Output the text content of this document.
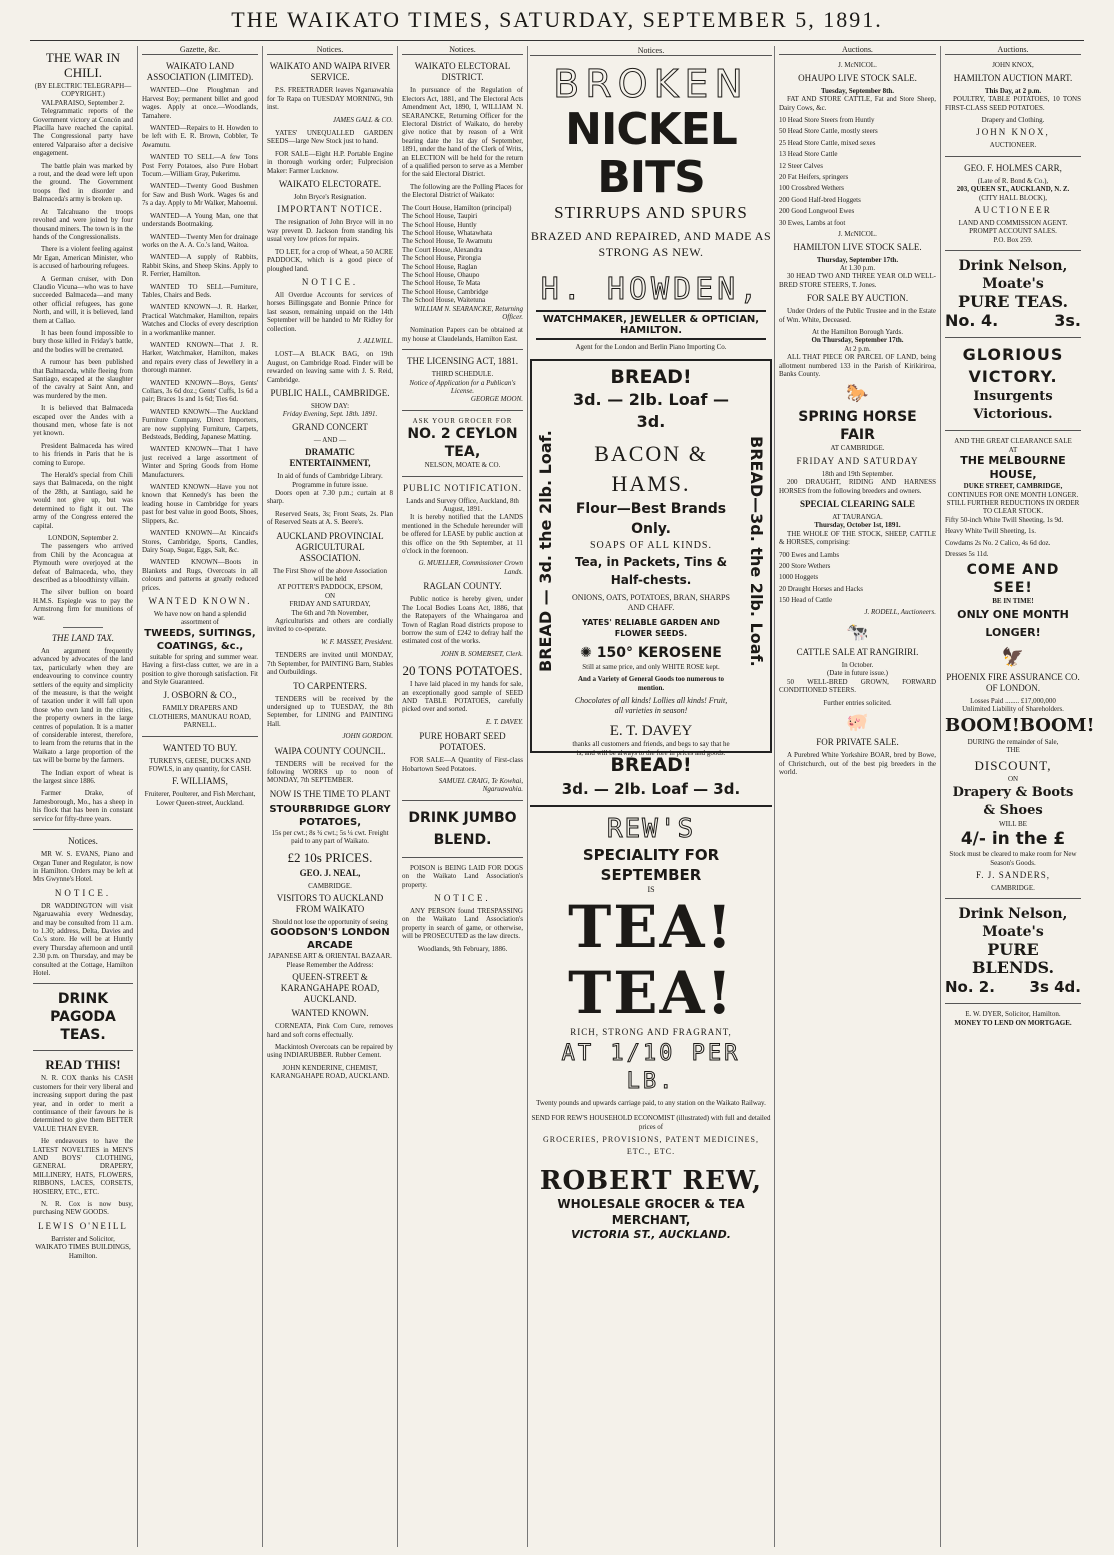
THE WAIKATO TIMES, SATURDAY, SEPTEMBER 5, 1891.
THE WAR IN CHILI.
(BY ELECTRIC TELEGRAPH—COPYRIGHT.)
VALPARAISO, September 2.

Telegrammatic reports of the Government victory at Concón and Placilla have reached the capital. The Congressional party have entered Valparaiso after a decisive engagement.

The battle plain was marked by a rout, and the dead were left upon the ground. The Government troops fled in disorder and Balmaceda's army is broken up.

At Talcahuano the troops revolted and were joined by four thousand miners. The town is in the hands of the Congressionalists.

There is a violent feeling against Mr Egan, American Minister, who is accused of harbouring refugees.

A German cruiser, with Don Claudio Vicuna—who was to have succeeded Balmaceda—and many other official refugees, has gone North, and will, it is believed, land them at Callao.

It has been found impossible to bury those killed in Friday's battle, and the bodies will be cremated.

A rumour has been published that Balmaceda, while fleeing from Santiago, escaped at the slaughter of the cavalry at Saint Ann, and was murdered by the men.

It is believed that Balmaceda escaped over the Andes with a thousand men, whose fate is not yet known.

President Balmaceda has wired to his friends in Paris that he is coming to Europe.

The Herald's special from Chili says that Balmaceda, on the night of the 28th, at Santiago, said he would not give up, but was determined to fight it out. The army of the Congress entered the capital.

LONDON, September 2.

The passengers who arrived from Chili by the Aconcagua at Plymouth were overjoyed at the defeat of Balmaceda, who, they described as a bloodthirsty villain.

The silver bullion on board H.M.S. Espiegle was to pay the Armstrong firm for munitions of war.

THE LAND TAX.

An argument frequently advanced by advocates of the land tax, particularly when they are endeavouring to convince country settlers of the equity and simplicity of the measure, is that the weight of taxation under it will fall upon those who own land in the cities, the property owners in the large centres of population. It is a matter of considerable interest, therefore, to learn from the returns that in the Waikato a large proportion of the tax will be borne by the farmers.

The Indian export of wheat is the largest since 1886.

Farmer Drake, of Jamesborough, Mo., has a sheep in his flock that has been in constant service for fifty-three years.

Notices.

MR W. S. EVANS, Piano and Organ Tuner and Regulator, is now in Hamilton. Orders may be left at Mrs Gwynne's Hotel.

NOTICE.

DR WADDINGTON will visit Ngaruawahia every Wednesday, and may be consulted from 11 a.m. to 1.30; address, Delta, Davies and Co.'s store. He will be at Huntly every Thursday afternoon and until 2.30 p.m. on Thursday, and may be consulted at the Cottage, Hamilton Hotel.

DRINK PAGODA TEAS.
READ THIS!

N. R. COX thanks his CASH customers for their very liberal and increasing support during the past year, and in order to merit a continuance of their favours he is determined to give them BETTER VALUE THAN EVER.

He endeavours to have the LATEST NOVELTIES in MEN'S AND BOYS' CLOTHING, GENERAL DRAPERY, MILLINERY, HATS, FLOWERS, RIBBONS, LACES, CORSETS, HOSIERY, ETC., ETC.

N. R. Cox is now busy, purchasing NEW GOODS.

LEWIS O'NEILL
Barrister and Solicitor,
WAIKATO TIMES BUILDINGS, Hamilton.
Gazette, &c.
WAIKATO LAND ASSOCIATION (LIMITED).

WANTED—One Ploughman and Harvest Boy; permanent billet and good wages. Apply at once.—Woodlands, Tamahere.

WANTED—Repairs to H. Howden to be left with E. R. Brown, Cobbler, Te Awamutu.

WANTED TO SELL—A few Tons Post Ferry Potatoes, also Pure Hobart Tocum.—William Gray, Pukerimu.

WANTED—Twenty Good Bushmen for Saw and Bush Work. Wages 6s and 7s a day. Apply to Mr Walker, Mahoenui.

WANTED—A Young Man, one that understands Bootmaking.

WANTED—Twenty Men for drainage works on the A. A. Co.'s land, Waitoa.

WANTED—A supply of Rabbits, Rabbit Skins, and Sheep Skins. Apply to R. Ferrier, Hamilton.

WANTED TO SELL—Furniture, Tables, Chairs and Beds.

WANTED KNOWN—J. R. Harker, Practical Watchmaker, Hamilton, repairs Watches and Clocks of every description in a workmanlike manner.

WANTED KNOWN—That J. R. Harker, Watchmaker, Hamilton, makes and repairs every class of Jewellery in a thorough manner.

WANTED KNOWN—Boys, Gents' Collars, 3s 6d doz.; Gents' Cuffs, 1s 6d a pair; Braces 1s and 1s 6d; Ties 6d.

WANTED KNOWN—The Auckland Furniture Company, Direct Importers, are now supplying Furniture, Carpets, Bedsteads, Bedding, Japanese Matting.

WANTED KNOWN—That I have just received a large assortment of Winter and Spring Goods from Home Manufacturers.

WANTED KNOWN—Have you not known that Kennedy's has been the leading house in Cambridge for years past for best value in good Boots, Shoes, Slippers, &c.

WANTED KNOWN—At Kincaid's Stores, Cambridge, Sports, Candles, Dairy Soap, Sugar, Eggs, Salt, &c.

WANTED KNOWN—Boots in Blankets and Rugs, Overcoats in all colours and patterns at greatly reduced prices.

WANTED KNOWN.
We have now on hand a splendid assortment of
TWEEDS, SUITINGS, COATINGS, &c.,

suitable for spring and summer wear. Having a first-class cutter, we are in a position to give thorough satisfaction. Fit and Style Guaranteed.

J. OSBORN & CO.,
FAMILY DRAPERS AND CLOTHIERS, MANUKAU ROAD, PARNELL.
WANTED TO BUY.
TURKEYS, GEESE, DUCKS AND FOWLS, in any quantity, for CASH.
F. WILLIAMS,
Fruiterer, Poulterer, and Fish Merchant, Lower Queen-street, Auckland.
Notices.
WAIKATO AND WAIPA RIVER SERVICE.

P.S. FREETRADER leaves Ngaruawahia for Te Rapa on TUESDAY MORNING, 9th inst.

JAMES GALL & CO.

YATES' UNEQUALLED GARDEN SEEDS—large New Stock just to hand.

FOR SALE—Eight H.P. Portable Engine in thorough working order; Fulprecision Maker: Farmer Lucknow.

WAIKATO ELECTORATE.
John Bryce's Resignation.
IMPORTANT NOTICE.

The resignation of John Bryce will in no way prevent D. Jackson from standing his usual very low prices for repairs.

TO LET, for a crop of Wheat, a 50 ACRE PADDOCK, which is a good piece of ploughed land.

NOTICE.

All Overdue Accounts for services of horses Billingsgate and Bonnie Prince for last season, remaining unpaid on the 14th September will be handed to Mr Ridley for collection.

J. ALLWILL.

LOST—A BLACK BAG, on 19th August, on Cambridge Road. Finder will be rewarded on leaving same with J. S. Reid, Cambridge.

PUBLIC HALL, CAMBRIDGE.
SHOW DAY:
Friday Evening, Sept. 18th. 1891.
GRAND CONCERT
— AND —
DRAMATIC ENTERTAINMENT,
In aid of funds of Cambridge Library.
Programme in future issue.

Doors open at 7.30 p.m.; curtain at 8 sharp.

Reserved Seats, 3s; Front Seats, 2s. Plan of Reserved Seats at A. S. Beere's.

AUCKLAND PROVINCIAL AGRICULTURAL ASSOCIATION.
The First Show of the above Association will be held
AT POTTER'S PADDOCK, EPSOM,
ON
FRIDAY AND SATURDAY,
The 6th and 7th November,

Agriculturists and others are cordially invited to co-operate.

W. F. MASSEY, President.

TENDERS are invited until MONDAY, 7th September, for PAINTING Barn, Stables and Outbuildings.

TO CARPENTERS.

TENDERS will be received by the undersigned up to TUESDAY, the 8th September, for LINING and PAINTING Hall.

JOHN GORDON.
WAIPA COUNTY COUNCIL.

TENDERS will be received for the following WORKS up to noon of MONDAY, 7th SEPTEMBER.

NOW IS THE TIME TO PLANT
STOURBRIDGE GLORY POTATOES,
15s per cwt.; 8s ¾ cwt.; 5s ¼ cwt. Freight paid to any part of Waikato.
£2 10s PRICES.
GEO. J. NEAL,
CAMBRIDGE.
VISITORS TO AUCKLAND FROM WAIKATO
Should not lose the opportunity of seeing
GOODSON'S LONDON ARCADE
JAPANESE ART & ORIENTAL BAZAAR.
Please Remember the Address:
QUEEN-STREET & KARANGAHAPE ROAD, AUCKLAND.
WANTED KNOWN.

CORNEATA, Pink Corn Cure, removes hard and soft corns effectually.

Mackintosh Overcoats can be repaired by using INDIARUBBER. Rubber Cement.

JOHN KENDERINE, CHEMIST, KARANGAHAPE ROAD, AUCKLAND.
Notices.
WAIKATO ELECTORAL DISTRICT.

In pursuance of the Regulation of Electors Act, 1881, and The Electoral Acts Amendment Act, 1890, I, WILLIAM N. SEARANCKE, Returning Officer for the Electoral District of Waikato, do hereby give notice that by reason of a Writ bearing date the 1st day of September, 1891, under the hand of the Clerk of Writs, an ELECTION will be held for the return of a qualified person to serve as a Member for the said Electoral District.

The following are the Polling Places for the Electoral District of Waikato:

The Court House, Hamilton (principal)
The School House, Taupiri
The School House, Huntly
The School House, Whatawhata
The School House, Te Awamutu
The Court House, Alexandra
The School House, Pirongia
The School House, Raglan
The School House, Ohaupo
The School House, Te Mata
The School House, Cambridge
The School House, Waitetuna
WILLIAM N. SEARANCKE, Returning Officer.

Nomination Papers can be obtained at my house at Claudelands, Hamilton East.

THE LICENSING ACT, 1881.
THIRD SCHEDULE.
Notice of Application for a Publican's License.
GEORGE MOON.
ASK YOUR GROCER FOR
NO. 2 CEYLON TEA,
NELSON, MOATE & CO.
PUBLIC NOTIFICATION.
Lands and Survey Office, Auckland, 8th August, 1891.

It is hereby notified that the LANDS mentioned in the Schedule hereunder will be offered for LEASE by public auction at this office on the 9th September, at 11 o'clock in the forenoon.

G. MUELLER, Commissioner Crown Lands.
RAGLAN COUNTY.

Public notice is hereby given, under The Local Bodies Loans Act, 1886, that the Ratepayers of the Whaingaroa and Town of Raglan Road districts propose to borrow the sum of £242 to defray half the estimated cost of the works.

JOHN B. SOMERSET, Clerk.
20 TONS POTATOES.

I have laid placed in my hands for sale, an exceptionally good sample of SEED AND TABLE POTATOES, carefully picked over and sorted.

E. T. DAVEY.
PURE HOBART SEED POTATOES.

FOR SALE—A Quantity of First-class Hobartown Seed Potatoes.

SAMUEL CRAIG, Te Kowhai, Ngaruawahia.
DRINK JUMBO BLEND.

POISON is BEING LAID FOR DOGS on the Waikato Land Association's property.

NOTICE.

ANY PERSON found TRESPASSING on the Waikato Land Association's property in search of game, or otherwise, will be PROSECUTED as the law directs.

Woodlands, 9th February, 1886.
Notices.
BROKEN
NICKEL BITS
STIRRUPS AND SPURS
BRAZED AND REPAIRED, AND MADE AS STRONG AS NEW.
H. HOWDEN,
WATCHMAKER, JEWELLER & OPTICIAN, HAMILTON.
Agent for the London and Berlin Piano Importing Co.
BREAD — 3d. the 2lb. Loaf.	BREAD—3d. the 2lb. Loaf.
BREAD!
3d. — 2lb. Loaf — 3d.
BACON & HAMS.
Flour—Best Brands Only.
SOAPS OF ALL KINDS.
Tea, in Packets, Tins & Half-chests.
ONIONS, OATS, POTATOES, BRAN, SHARPS AND CHAFF.
YATES' RELIABLE GARDEN AND FLOWER SEEDS.
✺ 150° KEROSENE
Still at same price, and only WHITE ROSE kept.
And a Variety of General Goods too numerous to mention.
Chocolates of all kinds! Lollies all kinds! Fruit, all varieties in season!
E. T. DAVEY
thanks all customers and friends, and begs to say that he is, and will be always to the fore in prices and goods.
BREAD!
3d. — 2lb. Loaf — 3d.
REW'S
SPECIALITY FOR SEPTEMBER
IS
TEA! TEA!
RICH, STRONG AND FRAGRANT,
AT 1/10 PER LB.
Twenty pounds and upwards carriage paid, to any station on the Waikato Railway.
SEND FOR REW'S HOUSEHOLD ECONOMIST (illustrated) with full and detailed prices of
GROCERIES, PROVISIONS, PATENT MEDICINES, ETC., ETC.
ROBERT REW,
WHOLESALE GROCER & TEA MERCHANT,
VICTORIA ST., AUCKLAND.
Auctions.
J. McNICOL.
OHAUPO LIVE STOCK SALE.
Tuesday, September 8th.

FAT AND STORE CATTLE, Fat and Store Sheep, Dairy Cows, &c.

10 Head Store Steers from Huntly
50 Head Store Cattle, mostly steers
25 Head Store Cattle, mixed sexes
13 Head Store Cattle
12 Steer Calves
20 Fat Heifers, springers
100 Crossbred Wethers
200 Good Half-bred Hoggets
200 Good Longwool Ewes
30 Ewes, Lambs at foot
J. McNICOL.
HAMILTON LIVE STOCK SALE.
Thursday, September 17th.
At 1.30 p.m.

30 HEAD TWO AND THREE YEAR OLD WELL-BRED STORE STEERS, T. Jones.

FOR SALE BY AUCTION.

Under Orders of the Public Trustee and in the Estate of Wm. White, Deceased.

At the Hamilton Borough Yards.
On Thursday, September 17th.
At 2 p.m.

ALL THAT PIECE OR PARCEL OF LAND, being allotment numbered 133 in the Parish of Kirikiriroa, Banks County.

🐎
SPRING HORSE FAIR
AT CAMBRIDGE.
FRIDAY AND SATURDAY
18th and 19th September.

200 DRAUGHT, RIDING AND HARNESS HORSES from the following breeders and owners.

SPECIAL CLEARING SALE
AT TAURANGA.
Thursday, October 1st, 1891.

THE WHOLE OF THE STOCK, SHEEP, CATTLE & HORSES, comprising:

700 Ewes and Lambs
200 Store Wethers
1000 Hoggets
20 Draught Horses and Hacks
150 Head of Cattle
J. RODELL, Auctioneers.
🐄
CATTLE SALE AT RANGIRIRI.
In October.
(Date in future issue.)

50 WELL-BRED GROWN, FORWARD CONDITIONED STEERS.

Further entries solicited.
🐖
FOR PRIVATE SALE.

A Purebred White Yorkshire BOAR, bred by Bowe, of Christchurch, out of the best pig breeders in the world.

Auctions.
JOHN KNOX,
HAMILTON AUCTION MART.
This Day, at 2 p.m.

POULTRY, TABLE POTATOES, 10 TONS FIRST-CLASS SEED POTATOES.

Drapery and Clothing.
JOHN KNOX,
AUCTIONEER.
GEO. F. HOLMES CARR,
(Late of R. Bond & Co.),
203, QUEEN ST., AUCKLAND, N. Z.
(CITY HALL BLOCK),
AUCTIONEER
LAND AND COMMISSION AGENT.
PROMPT ACCOUNT SALES.
P.O. Box 259.
Drink Nelson, Moate's
PURE TEAS.
No. 4.	3s.
GLORIOUS VICTORY.
Insurgents Victorious.
AND THE GREAT CLEARANCE SALE
AT
THE MELBOURNE HOUSE,
DUKE STREET, CAMBRIDGE,
CONTINUES FOR ONE MONTH LONGER.
STILL FURTHER REDUCTIONS IN ORDER TO CLEAR STOCK.
Fifty 50-inch White Twill Sheeting, 1s 9d.
Heavy White Twill Sheeting, 1s.
Cowdams 2s No. 2 Calico, 4s 6d doz.
Dresses 5s 11d.
COME AND SEE!
BE IN TIME!
ONLY ONE MONTH LONGER!
🦅
PHOENIX FIRE ASSURANCE CO. OF LONDON.
Losses Paid ........ £17,000,000
Unlimited Liability of Shareholders.
BOOM! BOOM!
DURING the remainder of Sale,
THE
DISCOUNT,
ON
Drapery & Boots & Shoes
WILL BE
4/- in the £
Stock must be cleared to make room for New Season's Goods.
F. J. SANDERS,
CAMBRIDGE.
Drink Nelson, Moate's
PURE BLENDS.
No. 2. 3s 4d.
E. W. DYER, Solicitor, Hamilton.
MONEY TO LEND ON MORTGAGE.
